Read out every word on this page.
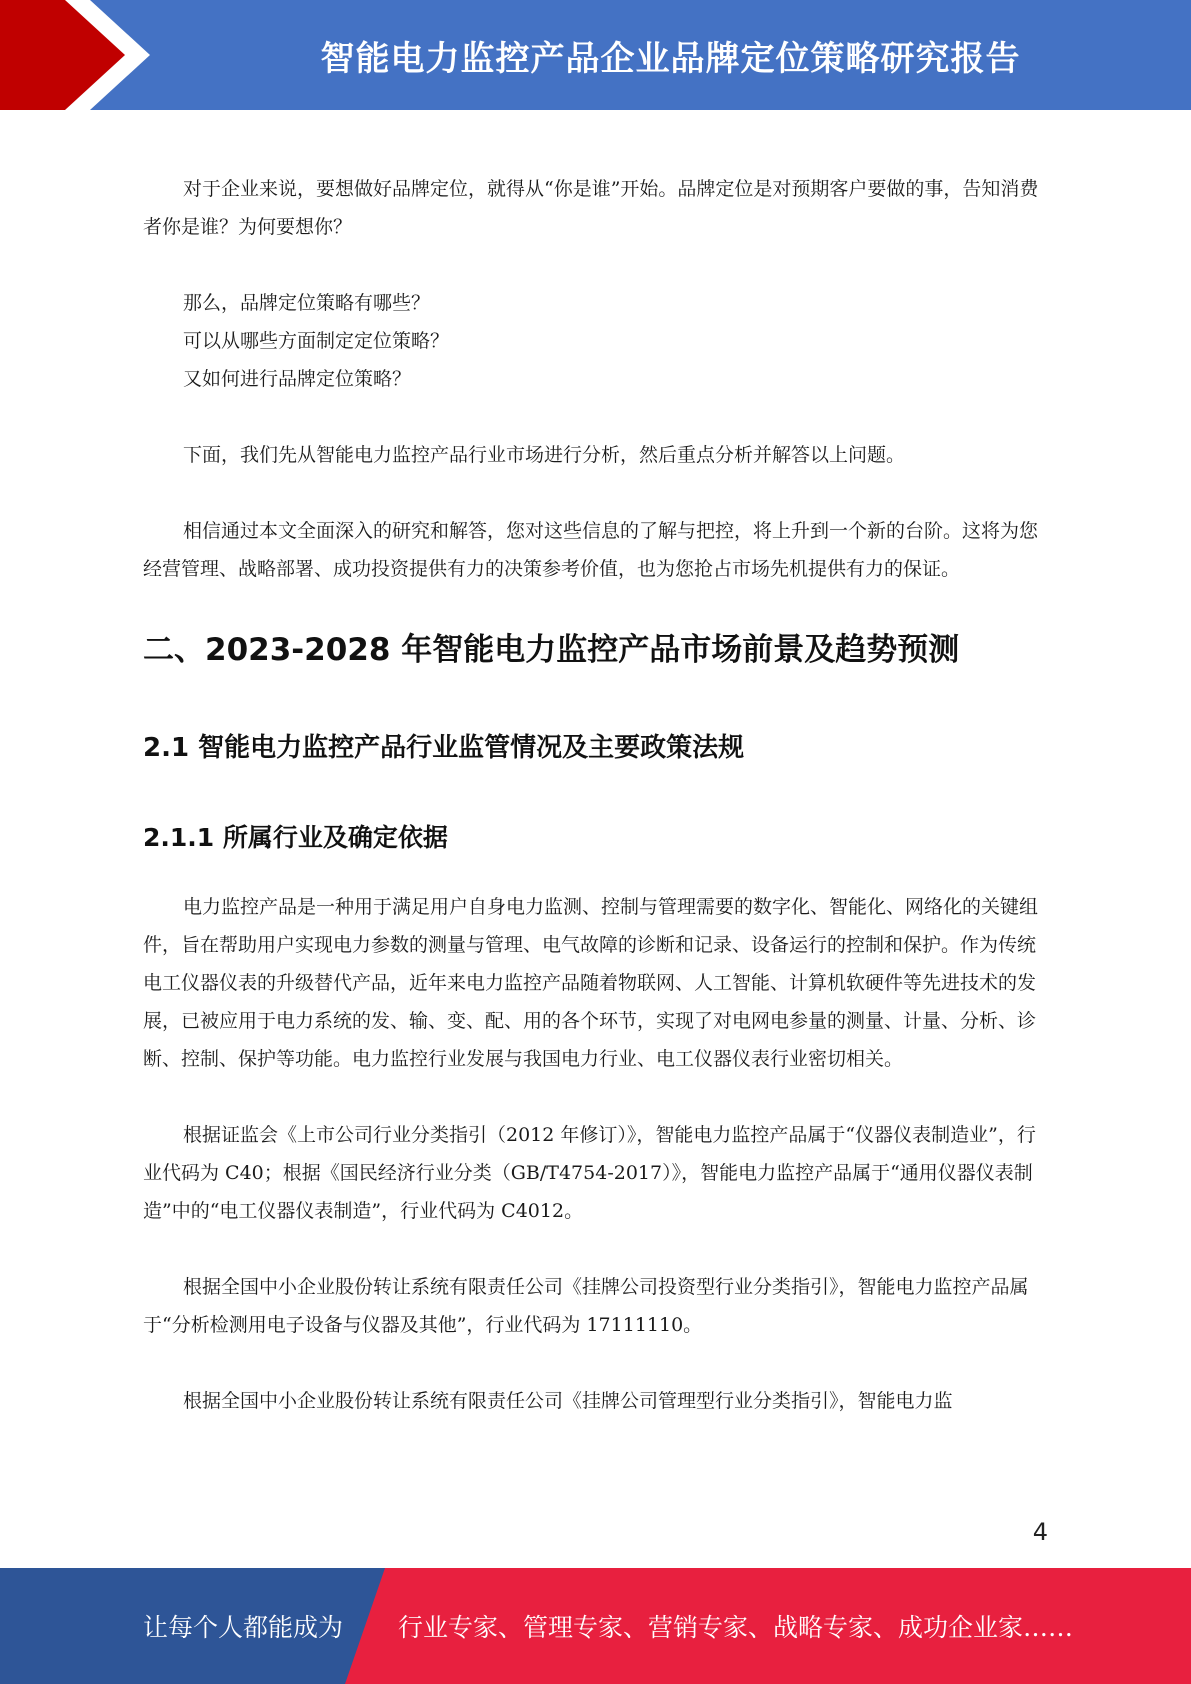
智能电力监控产品企业品牌定位策略研究报告

对于企业来说，要想做好品牌定位，就得从“你是谁”开始。品牌定位是对预期客户要做的事，告知消费者你是谁？为何要想你？

那么，品牌定位策略有哪些？

可以从哪些方面制定定位策略？

又如何进行品牌定位策略？

下面，我们先从智能电力监控产品行业市场进行分析，然后重点分析并解答以上问题。

相信通过本文全面深入的研究和解答，您对这些信息的了解与把控，将上升到一个新的台阶。这将为您经营管理、战略部署、成功投资提供有力的决策参考价值，也为您抢占市场先机提供有力的保证。

二、2023-2028 年智能电力监控产品市场前景及趋势预测
2.1 智能电力监控产品行业监管情况及主要政策法规
2.1.1 所属行业及确定依据

电力监控产品是一种用于满足用户自身电力监测、控制与管理需要的数字化、智能化、网络化的关键组件，旨在帮助用户实现电力参数的测量与管理、电气故障的诊断和记录、设备运行的控制和保护。作为传统电工仪器仪表的升级替代产品，近年来电力监控产品随着物联网、人工智能、计算机软硬件等先进技术的发展，已被应用于电力系统的发、输、变、配、用的各个环节，实现了对电网电参量的测量、计量、分析、诊断、控制、保护等功能。电力监控行业发展与我国电力行业、电工仪器仪表行业密切相关。

根据证监会《上市公司行业分类指引（2012 年修订）》，智能电力监控产品属于“仪器仪表制造业”，行业代码为 C40；根据《国民经济行业分类（GB/T4754-2017）》，智能电力监控产品属于“通用仪器仪表制造”中的“电工仪器仪表制造”，行业代码为 C4012。

根据全国中小企业股份转让系统有限责任公司《挂牌公司投资型行业分类指引》，智能电力监控产品属于“分析检测用电子设备与仪器及其他”，行业代码为 17111110。

根据全国中小企业股份转让系统有限责任公司《挂牌公司管理型行业分类指引》，智能电力监

4
让每个人都能成为 行业专家、管理专家、营销专家、战略专家、成功企业家……
